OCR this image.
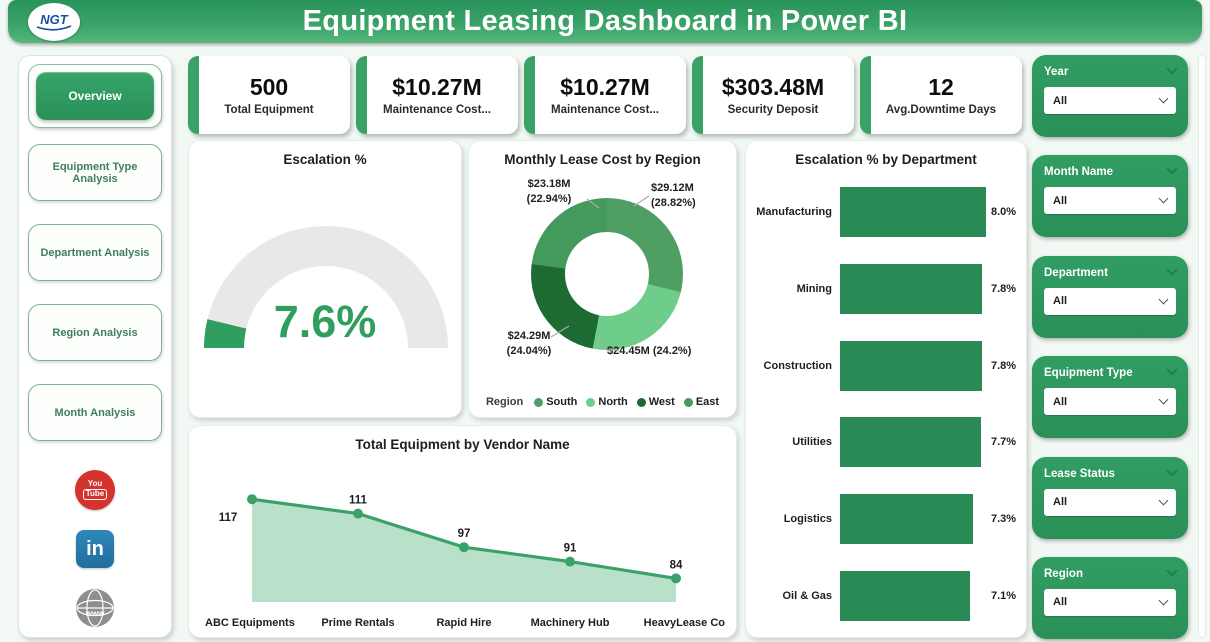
NGT	Equipment Leasing Dashboard in Power BI
Overview
Equipment Type Analysis
Department Analysis
Region Analysis
Month Analysis
You
Tube
in
www
500
Total Equipment
$10.27M
Maintenance Cost...
$10.27M
Maintenance Cost...
$303.48M
Security Deposit
12
Avg.Downtime Days
Escalation %
7.6%
Monthly Lease Cost by Region
$23.18M
(22.94%)
$29.12M
(28.82%)
$24.29M
(24.04%)	$24.45M (24.2%)
Region South North West East
Escalation % by Department
Manufacturing	8.0%
Mining	7.8%
Construction	7.8%
Utilities	7.7%
Logistics	7.3%
Oil & Gas	7.1%
Total Equipment by Vendor Name
117
ABC Equipments
111
Prime Rentals
97
Rapid Hire
91
Machinery Hub
84
HeavyLease Co
Year
All
Month Name
All
Department
All
Equipment Type
All
Lease Status
All
Region
All
